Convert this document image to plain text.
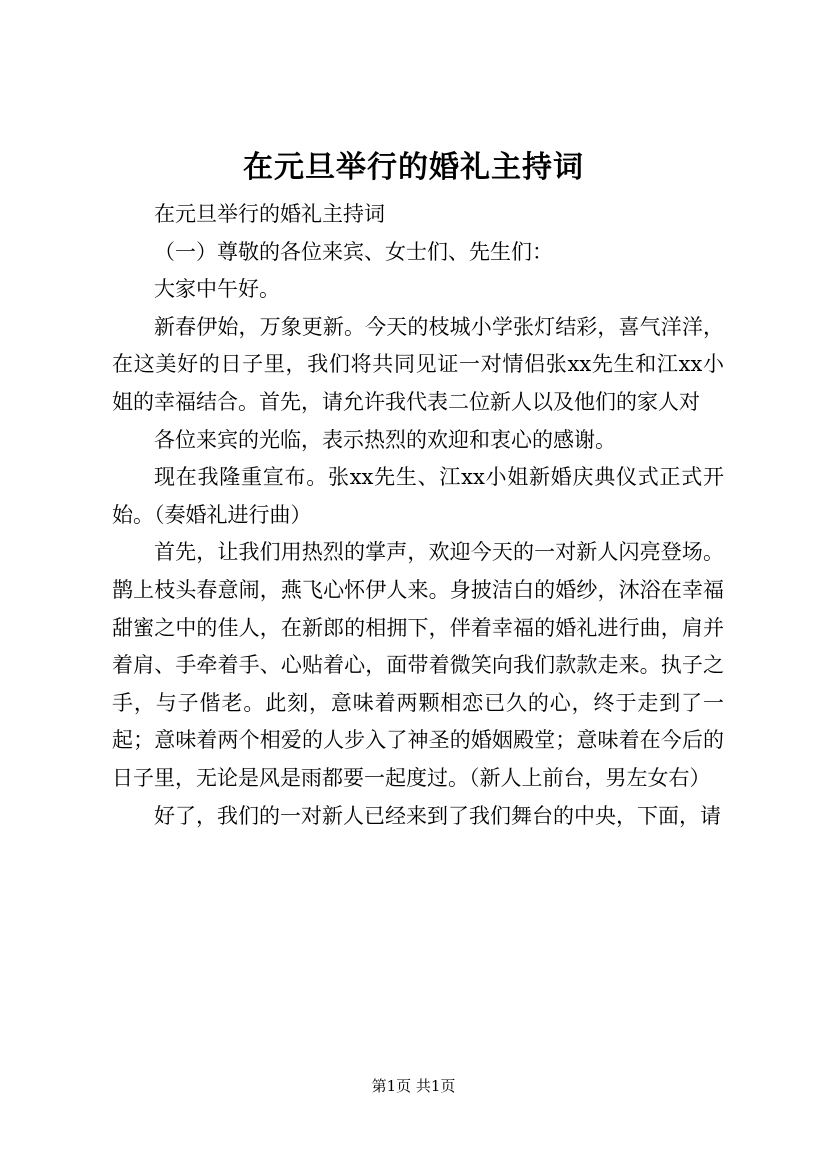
在元旦举行的婚礼主持词

在元旦举行的婚礼主持词

（一）尊敬的各位来宾、女士们、先生们：

大家中午好。

新春伊始，万象更新。今天的枝城小学张灯结彩，喜气洋洋，在这美好的日子里，我们将共同见证一对情侣张xx先生和江xx小姐的幸福结合。首先，请允许我代表二位新人以及他们的家人对

各位来宾的光临，表示热烈的欢迎和衷心的感谢。

现在我隆重宣布。张xx先生、江xx小姐新婚庆典仪式正式开始。（奏婚礼进行曲）

首先，让我们用热烈的掌声，欢迎今天的一对新人闪亮登场。鹊上枝头春意闹，燕飞心怀伊人来。身披洁白的婚纱，沐浴在幸福甜蜜之中的佳人，在新郎的相拥下，伴着幸福的婚礼进行曲，肩并着肩、手牵着手、心贴着心，面带着微笑向我们款款走来。执子之手，与子偕老。此刻，意味着两颗相恋已久的心，终于走到了一起；意味着两个相爱的人步入了神圣的婚姻殿堂；意味着在今后的日子里，无论是风是雨都要一起度过。（新人上前台，男左女右）

好了，我们的一对新人已经来到了我们舞台的中央，下面，请

第1页 共1页
